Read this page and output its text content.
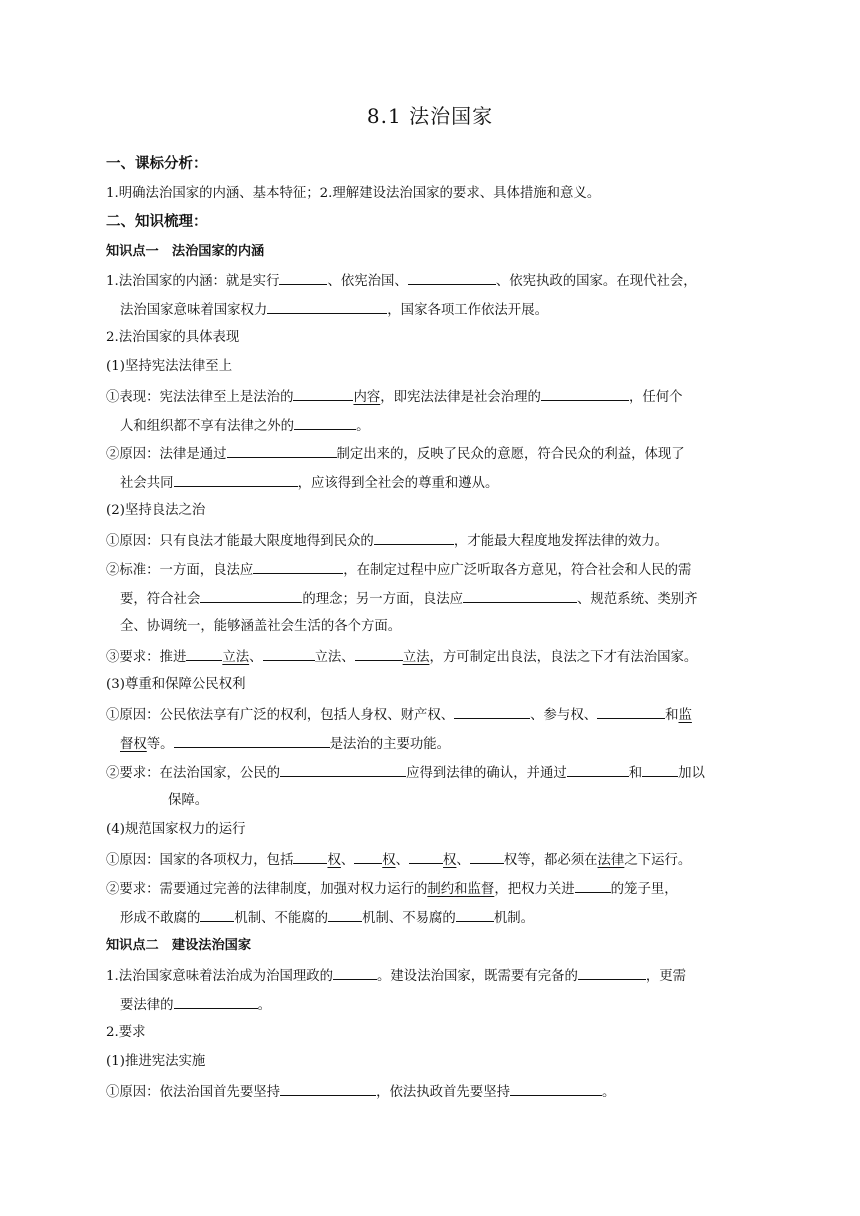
8.1 法治国家
一、课标分析：
1.明确法治国家的内涵、基本特征；2.理解建设法治国家的要求、具体措施和意义。
二、知识梳理：
知识点一　法治国家的内涵
1.法治国家的内涵：就是实行	、依宪治国、	、依宪执政的国家。在现代社会，
法治国家意味着国家权力	，国家各项工作依法开展。
2.法治国家的具体表现
(1)坚持宪法法律至上
①表现：宪法法律至上是法治的	内容，即宪法法律是社会治理的	，任何个
人和组织都不享有法律之外的	。
②原因：法律是通过	制定出来的，反映了民众的意愿，符合民众的利益，体现了
社会共同	，应该得到全社会的尊重和遵从。
(2)坚持良法之治
①原因：只有良法才能最大限度地得到民众的	，才能最大程度地发挥法律的效力。
②标准：一方面，良法应	，在制定过程中应广泛听取各方意见，符合社会和人民的需
要，符合社会	的理念；另一方面，良法应	、规范系统、类别齐
全、协调统一，能够涵盖社会生活的各个方面。
③要求：推进	立法、	立法、	立法，方可制定出良法，良法之下才有法治国家。
(3)尊重和保障公民权利
①原因：公民依法享有广泛的权利，包括人身权、财产权、	、参与权、	和监
督权等。	是法治的主要功能。
②要求：在法治国家，公民的	应得到法律的确认，并通过	和	加以
保障。
(4)规范国家权力的运行
①原因：国家的各项权力，包括	权、 权、	权、	权等，都必须在法律之下运行。
②要求：需要通过完善的法律制度，加强对权力运行的制约和监督，把权力关进	的笼子里，
形成不敢腐的	机制、不能腐的	机制、不易腐的	机制。
知识点二　建设法治国家
1.法治国家意味着法治成为治国理政的	。建设法治国家，既需要有完备的	，更需
要法律的	。
2.要求
(1)推进宪法实施
①原因：依法治国首先要坚持	，依法执政首先要坚持	。
